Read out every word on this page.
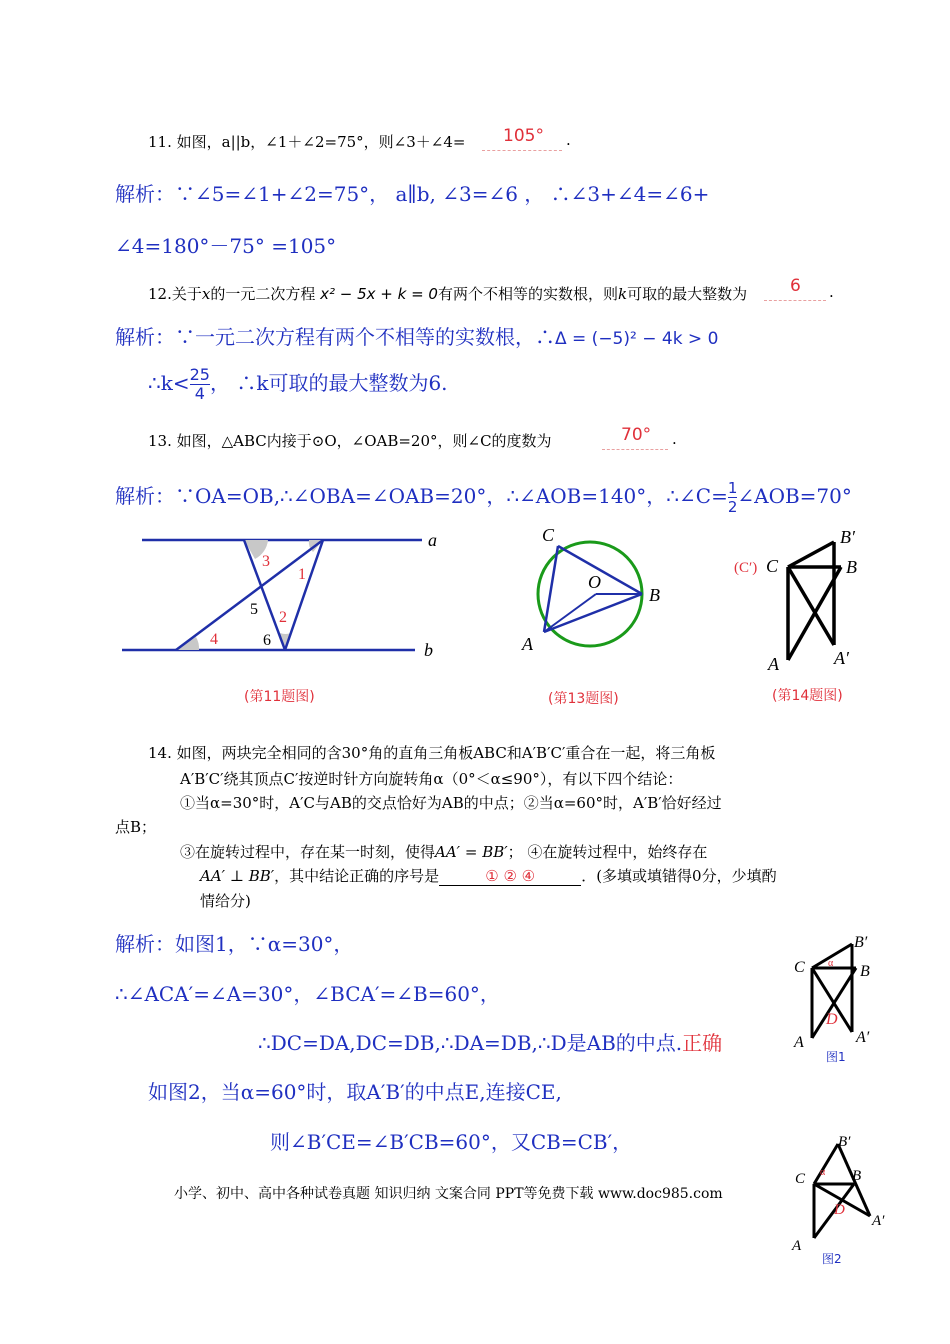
11. 如图，a||b，∠1＋∠2=75°，则∠3＋∠4= 105° .
解析：∵∠5=∠1+∠2=75°， a∥b, ∠3=∠6 ， ∴∠3+∠4=∠6+
∠4=180°－75° =105°
12.关于x的一元二次方程 x² − 5x + k = 0有两个不相等的实数根，则k可取的最大整数为	6 .
解析：∵一元二次方程有两个不相等的实数根，∴Δ = (−5)² − 4k > 0
∴k< $\frac{25}{4}$ ， ∴k可取的最大整数为6.
13. 如图，△ABC内接于⊙O，∠OAB=20°，则∠C的度数为	70° .
解析：∵OA=OB,∴∠OBA=∠OAB=20°，∴∠AOB=140°，∴∠C= $\frac{1}{2}$ ∠AOB=70°
a
b
3
1
5 2
4	6
(第11题图)
C
O
B
A
(第13题图)
(C′) C
B′
B
A	A′
(第14题图)
14. 如图，两块完全相同的含30°角的直角三角板ABC和A′B′C′重合在一起，将三角板
A′B′C′绕其顶点C′按逆时针方向旋转角α（0°＜α≤90°），有以下四个结论：
①当α=30°时，A′C与AB的交点恰好为AB的中点；②当α=60°时，A′B′恰好经过
点B；
③在旋转过程中，存在某一时刻，使得AA′ = BB′； ④在旋转过程中，始终存在
AA′ ⊥ BB′，其中结论正确的序号是	① ② ④	．(多填或填错得0分，少填酌
情给分)
解析：如图1，∵α=30°，
∴∠ACA′=∠A=30°，∠BCA′=∠B=60°，
∴DC=DA,DC=DB,∴DA=DB,∴D是AB的中点.正确
如图2，当α=60°时，取A′B′的中点E,连接CE,
则∠B′CE=∠B′CB=60°，又CB=CB′，
α
C
B′
B
D
A	A′
图1
α
C
B′
B
D
A
A′
图2
小学、初中、高中各种试卷真题 知识归纳 文案合同 PPT等免费下载 www.doc985.com
